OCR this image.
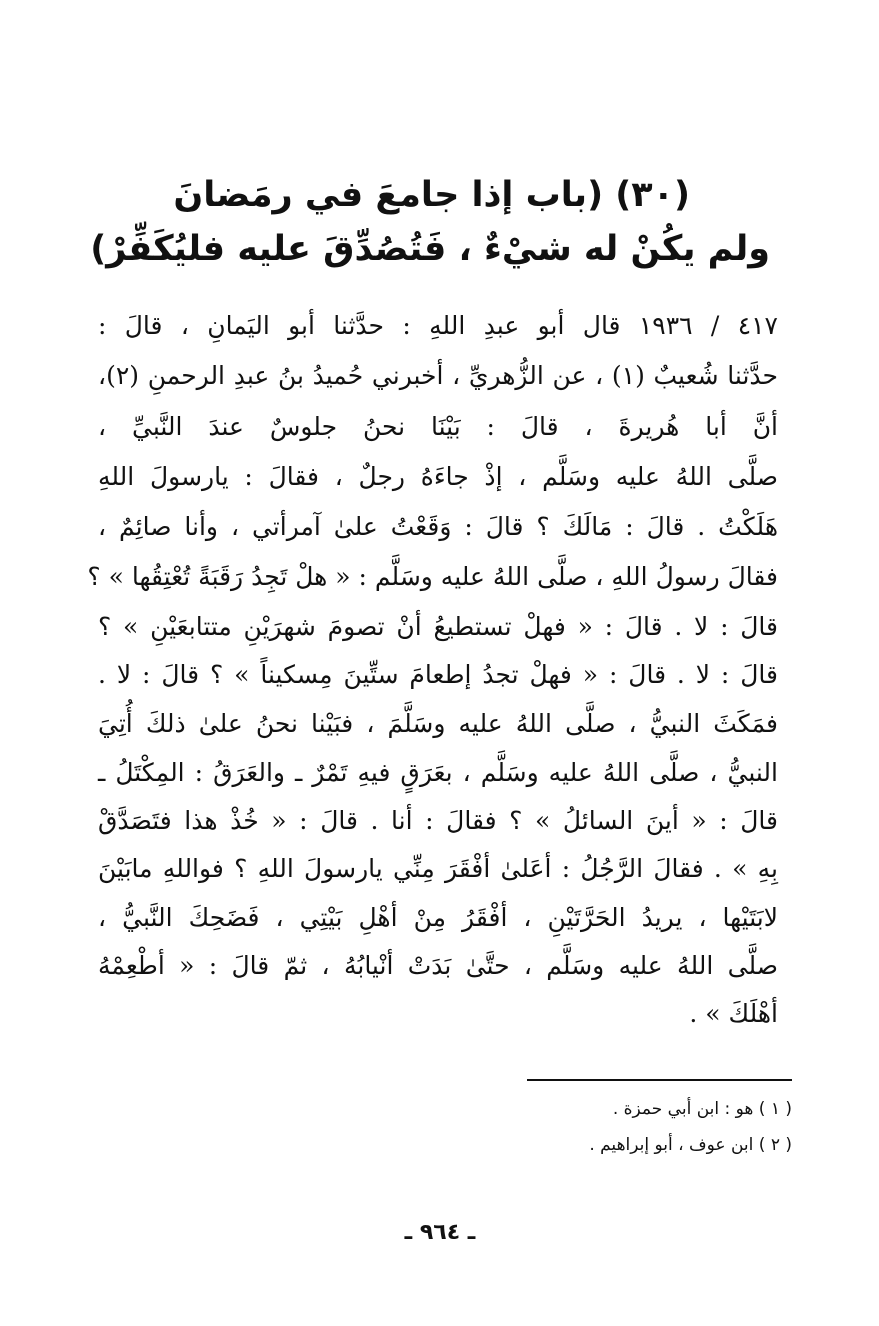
(٣٠) (باب إذا جامعَ في رمَضانَ
ولم يكُنْ له شيْءٌ ، فَتُصُدِّقَ عليه فليُكَفِّرْ)
٤١٧ / ١٩٣٦ قال أبو عبدِ اللهِ : حدَّثنا أبو اليَمانِ ، قالَ :
حدَّثنا شُعيبٌ (١) ، عن الزُّهريِّ ، أخبرني حُميدُ بنُ عبدِ الرحمنِ (٢)،
أنَّ أبا هُريرةَ ، قالَ : بَيْنَا نحنُ جلوسٌ عندَ النَّبيِّ ،
صلَّى اللهُ عليه وسَلَّم ، إذْ جاءَهُ رجلٌ ، فقالَ : يارسولَ اللهِ
هَلَكْتُ . قالَ : مَالَكَ ؟ قالَ : وَقَعْتُ علىٰ آمرأتي ، وأنا صائِمٌ ،
فقالَ رسولُ اللهِ ، صلَّى اللهُ عليه وسَلَّم : « هلْ تَجِدُ رَقَبَةً تُعْتِقُها » ؟
قالَ : لا . قالَ : « فهلْ تستطيعُ أنْ تصومَ شهرَيْنِ متتابعَيْنِ » ؟
قالَ : لا . قالَ : « فهلْ تجدُ إطعامَ ستِّينَ مِسكيناً » ؟ قالَ : لا .
فمَكَثَ النبيُّ ، صلَّى اللهُ عليه وسَلَّمَ ، فبَيْنا نحنُ علىٰ ذلكَ أُتِيَ
النبيُّ ، صلَّى اللهُ عليه وسَلَّم ، بعَرَقٍ فيهِ تَمْرٌ ـ والعَرَقُ : المِكْتَلُ ـ
قالَ : « أينَ السائلُ » ؟ فقالَ : أنا . قالَ : « خُذْ هذا فتَصَدَّقْ
بِهِ » . فقالَ الرَّجُلُ : أعَلىٰ أفْقَرَ مِنِّي يارسولَ اللهِ ؟ فواللهِ مابَيْنَ
لابَتَيْها ، يريدُ الحَرَّتَيْنِ ، أفْقَرُ مِنْ أهْلِ بَيْتِي ، فَضَحِكَ النَّبيُّ ،
صلَّى اللهُ عليه وسَلَّم ، حتَّىٰ بَدَتْ أنْيابُهُ ، ثمّ قالَ : « أطْعِمْهُ
أهْلَكَ » .
( ١ ) هو : ابن أبي حمزة .
( ٢ ) ابن عوف ، أبو إبراهيم .
ـ ٩٦٤ ـ
